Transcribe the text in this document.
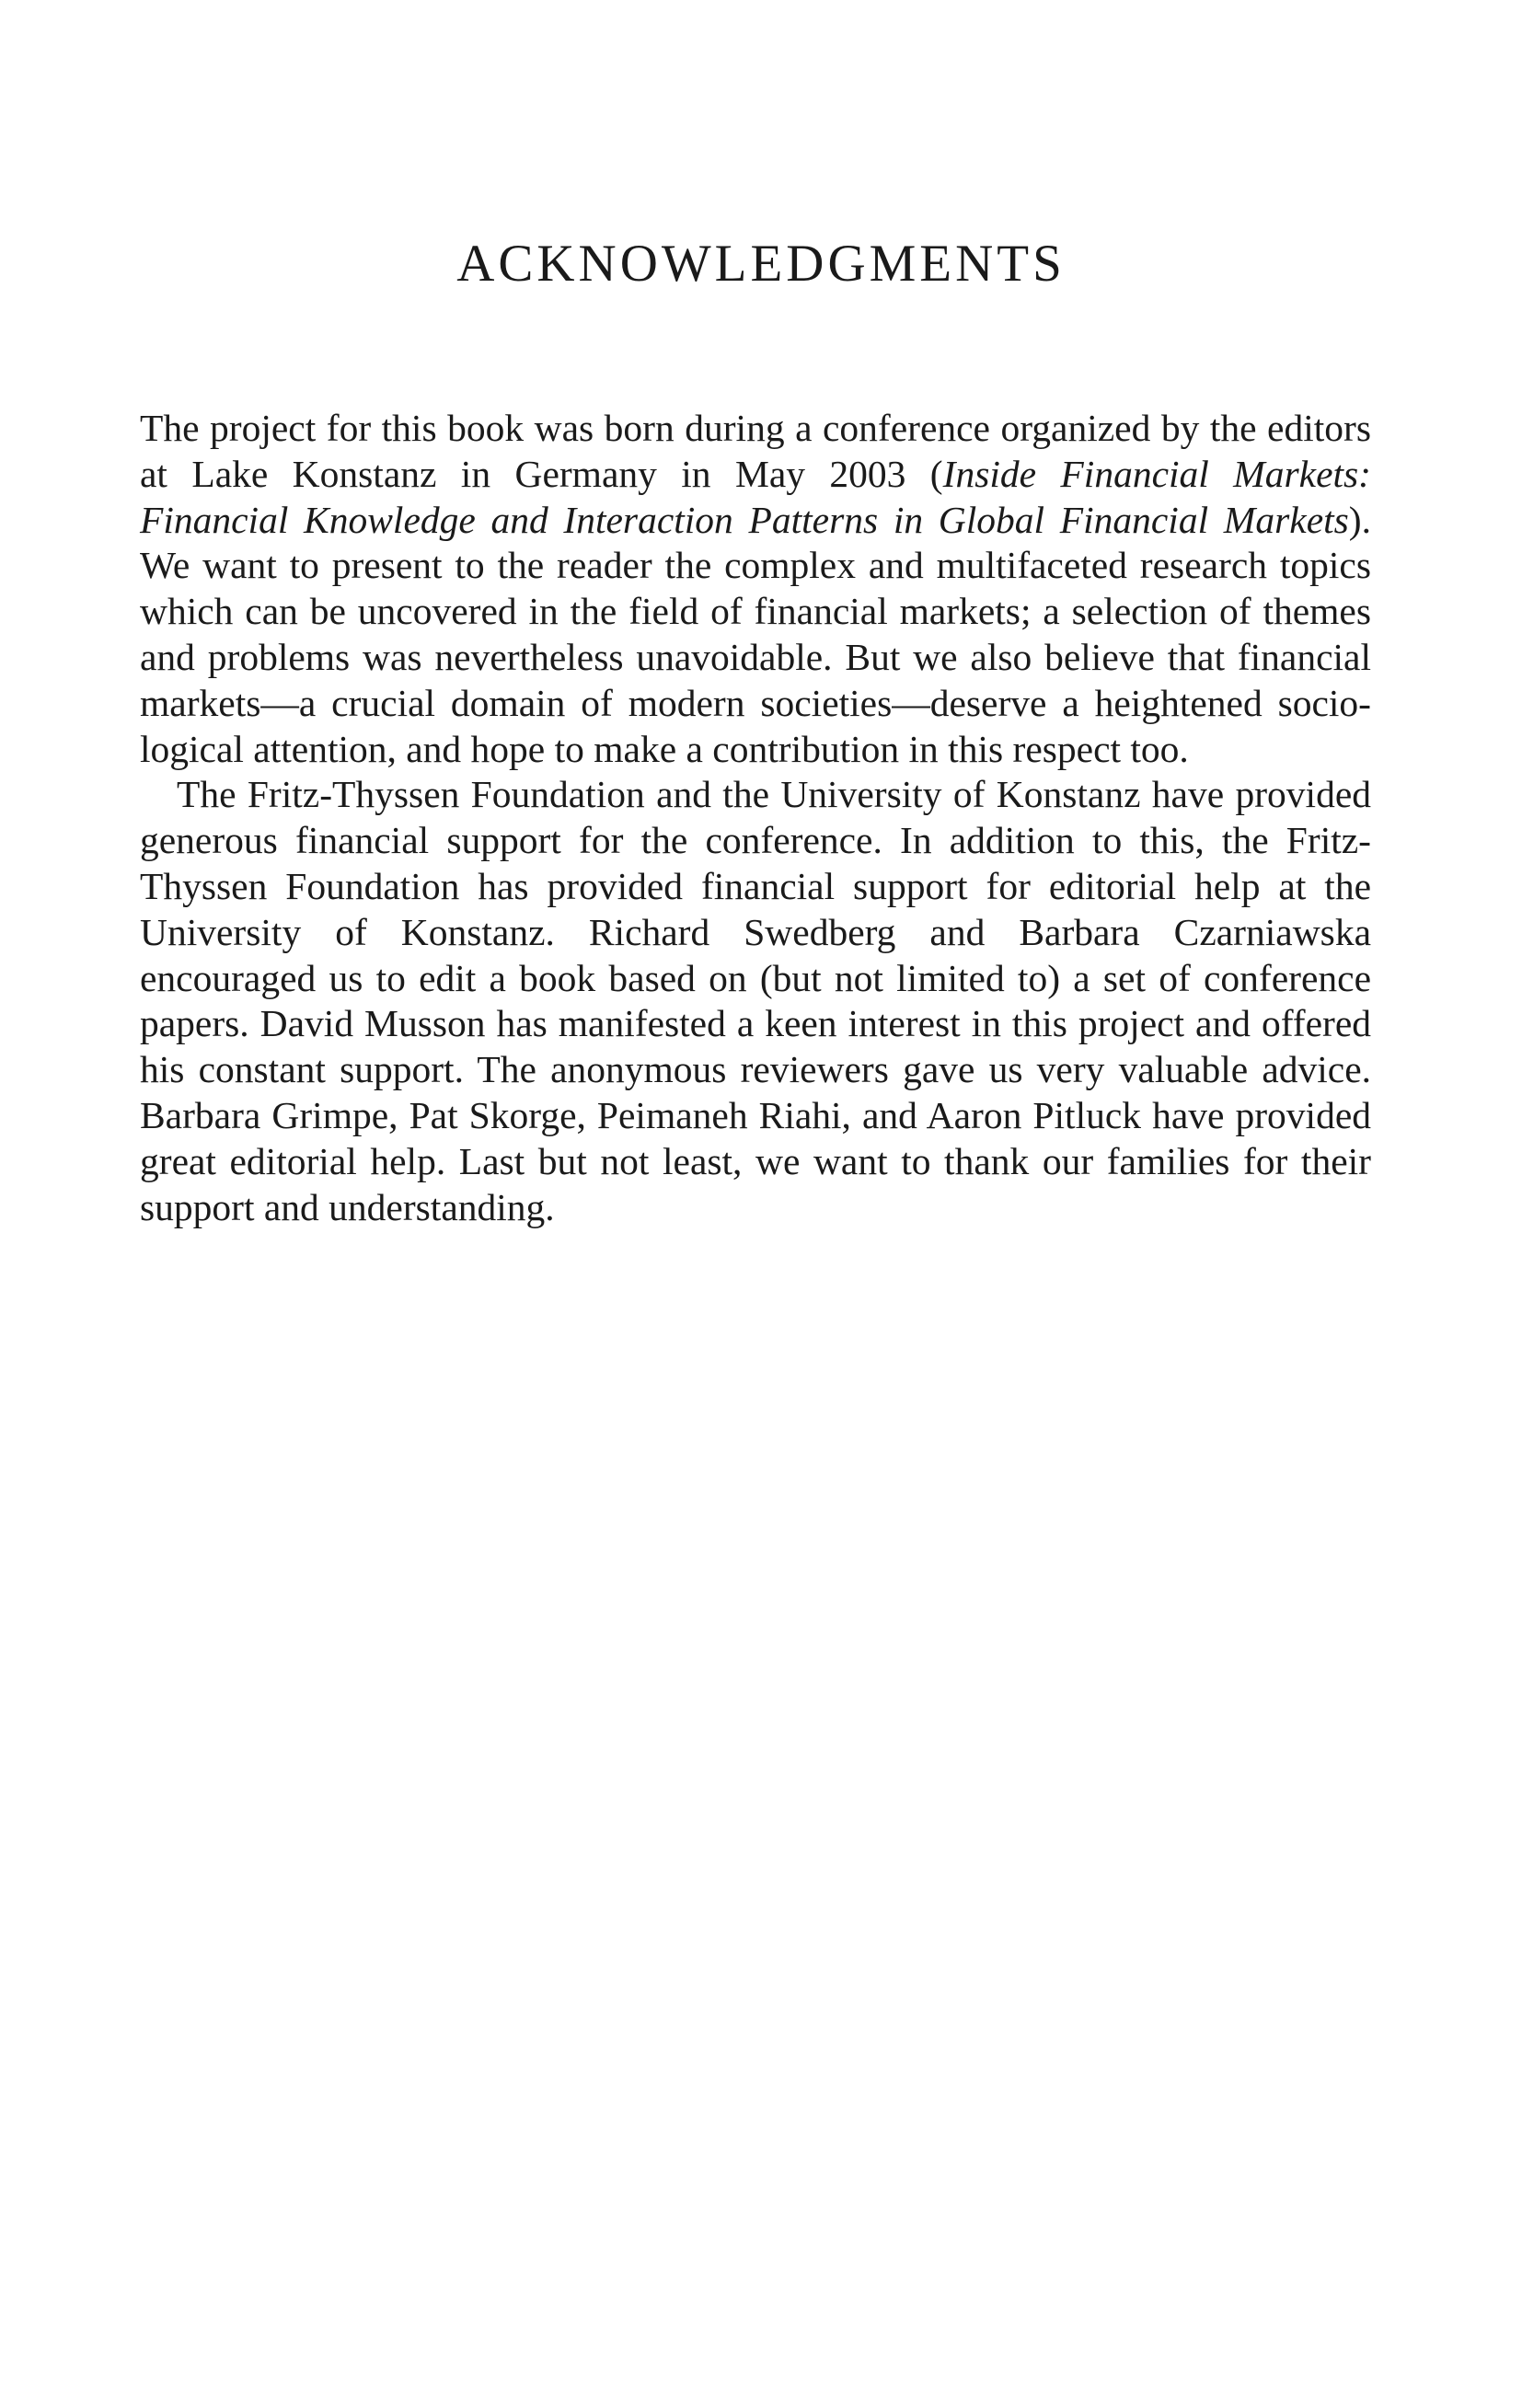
ACKNOWLEDGMENTS

The project for this book was born during a conference organized by the editors at Lake Konstanz in Germany in May 2003 (Inside Financial Markets: Financial Knowledge and Interaction Patterns in Global Financial Markets). We want to present to the reader the complex and multifaceted research topics which can be uncovered in the field of financial markets; a selection of themes and problems was nevertheless unavoidable. But we also believe that financial markets—a crucial domain of modern societies—deserve a heightened sociological attention, and hope to make a contribution in this respect too.

The Fritz-Thyssen Foundation and the University of Konstanz have provided generous financial support for the conference. In addition to this, the Fritz-Thyssen Foundation has provided financial support for editorial help at the University of Konstanz. Richard Swedberg and Barbara Czarniawska encouraged us to edit a book based on (but not limited to) a set of conference papers. David Musson has manifested a keen interest in this project and offered his constant support. The anonymous reviewers gave us very valuable advice. Barbara Grimpe, Pat Skorge, Peimaneh Riahi, and Aaron Pitluck have provided great editorial help. Last but not least, we want to thank our families for their support and understanding.
